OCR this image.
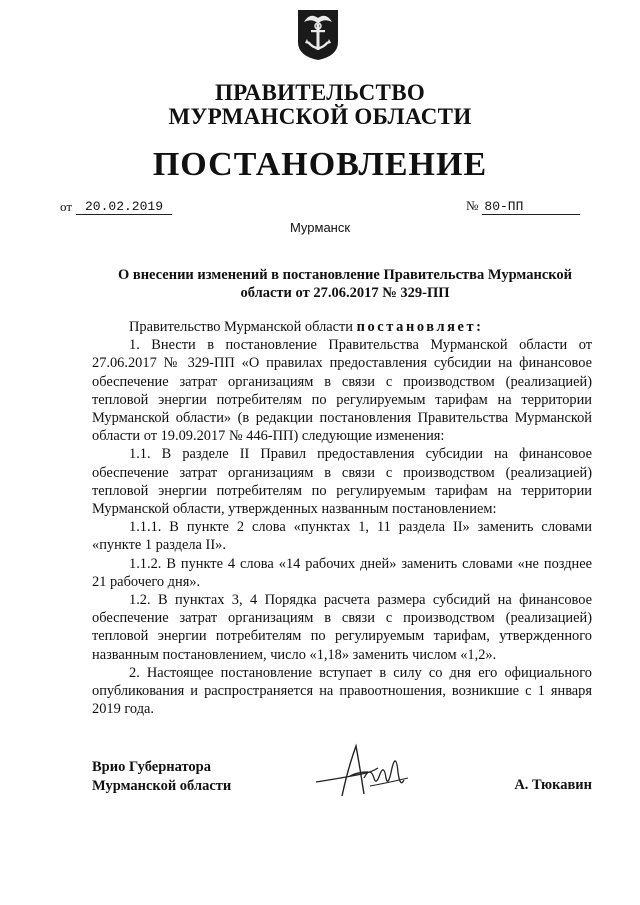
ПРАВИТЕЛЬСТВО
МУРМАНСКОЙ ОБЛАСТИ
ПОСТАНОВЛЕНИЕ
от 20.02.2019	№ 80-ПП
Мурманск
О внесении изменений в постановление Правительства Мурманской области от 27.06.2017 № 329-ПП

Правительство Мурманской области постановляет:

1. Внести в постановление Правительства Мурманской области от 27.06.2017 № 329-ПП «О правилах предоставления субсидии на финансовое обеспечение затрат организациям в связи с производством (реализацией) тепловой энергии потребителям по регулируемым тарифам на территории Мурманской области» (в редакции постановления Правительства Мурманской области от 19.09.2017 № 446-ПП) следующие изменения:

1.1. В разделе II Правил предоставления субсидии на финансовое обеспечение затрат организациям в связи с производством (реализацией) тепловой энергии потребителям по регулируемым тарифам на территории Мурманской области, утвержденных названным постановлением:

1.1.1. В пункте 2 слова «пунктах 1, 11 раздела II» заменить словами «пункте 1 раздела II».

1.1.2. В пункте 4 слова «14 рабочих дней» заменить словами «не позднее 21 рабочего дня».

1.2. В пунктах 3, 4 Порядка расчета размера субсидий на финансовое обеспечение затрат организациям в связи с производством (реализацией) тепловой энергии потребителям по регулируемым тарифам, утвержденного названным постановлением, число «1,18» заменить числом «1,2».

2. Настоящее постановление вступает в силу со дня его официального опубликования и распространяется на правоотношения, возникшие с 1 января 2019 года.

Врио Губернатора
Мурманской области	А. Тюкавин
